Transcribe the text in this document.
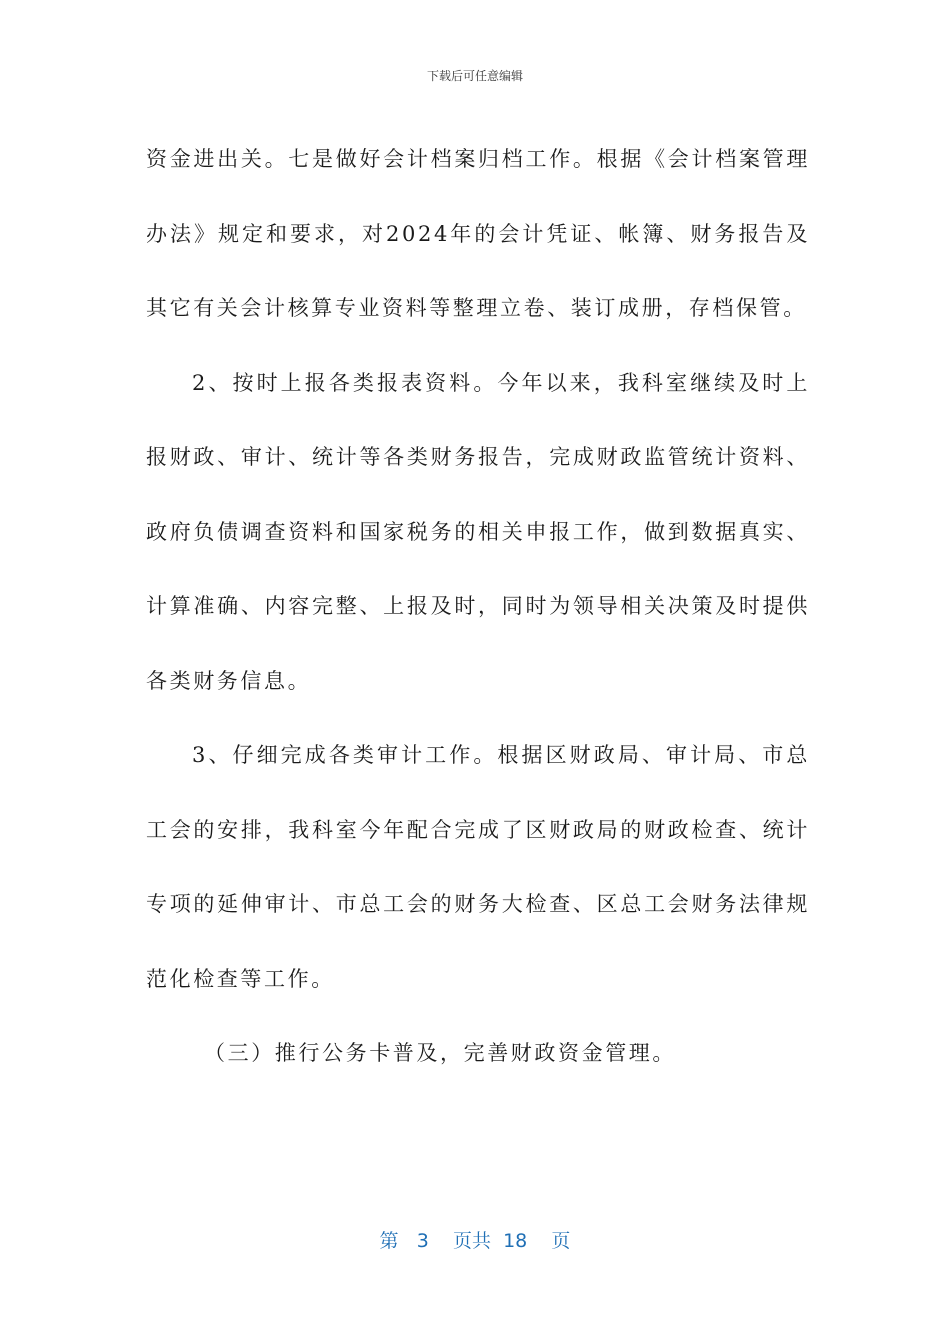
下载后可任意编辑

资金进出关。七是做好会计档案归档工作。根据《会计档案管理办法》规定和要求，对2024年的会计凭证、帐簿、财务报告及其它有关会计核算专业资料等整理立卷、装订成册，存档保管。

2、按时上报各类报表资料。今年以来，我科室继续及时上报财政、审计、统计等各类财务报告，完成财政监管统计资料、政府负债调查资料和国家税务的相关申报工作，做到数据真实、计算准确、内容完整、上报及时，同时为领导相关决策及时提供各类财务信息。

3、仔细完成各类审计工作。根据区财政局、审计局、市总工会的安排，我科室今年配合完成了区财政局的财政检查、统计专项的延伸审计、市总工会的财务大检查、区总工会财务法律规范化检查等工作。

（三）推行公务卡普及，完善财政资金管理。

第 3 页共 18 页
